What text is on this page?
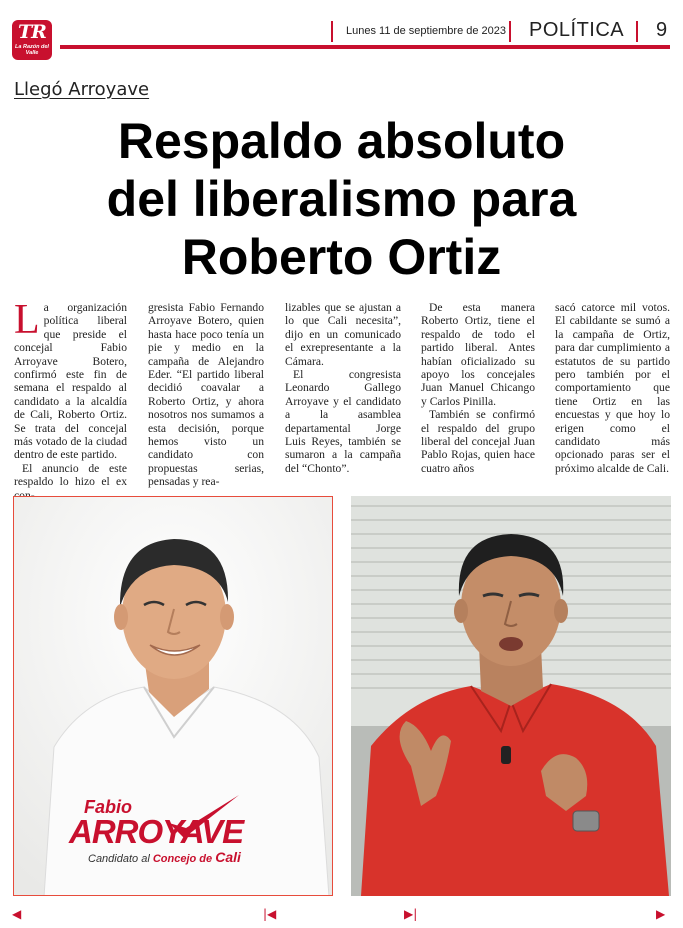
TR
La Razón del Valle
Lunes 11 de septiembre de 2023 POLÍTICA 9
Llegó Arroyave
Respaldo absoluto
del liberalismo para
Roberto Ortiz

La organización política liberal que preside el concejal Fabio Arroyave Botero, confirmó este fin de semana el respaldo al candidato a la alcaldía de Cali, Roberto Ortiz. Se trata del concejal más votado de la ciudad dentro de este partido.

El anuncio de este respaldo lo hizo el ex

gresista Fabio Fernando Arroyave Botero, quien hasta hace poco tenía un pie y medio en la campaña de Alejandro Eder. “El partido liberal decidió coavalar a Roberto Ortiz, y ahora nosotros nos sumamos a esta decisión, porque hemos visto un candidato con propuestas serias, pensadas y rea-

lizables que se ajustan a lo que Cali necesita”, dijo en un comunicado el exrepresentante a la Cámara.

El congresista Leonardo Gallego Arroyave y el candidato a la asamblea departamental Jorge Luis Reyes, también se sumaron a la campaña del “Chonto”.

De esta manera Roberto Ortiz, tiene el respaldo de todo el partido liberal. Antes habían oficializado su apoyo los concejales Juan Manuel Chicango y Carlos Pinilla.

También se confirmó el respaldo del grupo liberal del concejal Juan Pablo Rojas, quien hace cuatro años

sacó catorce mil votos. El cabildante se sumó a la campaña de Ortiz, para dar cumplimiento a estatutos de su partido pero también por el comportamiento que tiene Ortiz en las encuestas y que hoy lo erigen como el candidato más opcionado paras ser el próximo alcalde de Cali.

Fabio
ARROYAVE
Candidato al Concejo de Cali
◀	|◀	▶|	▶
